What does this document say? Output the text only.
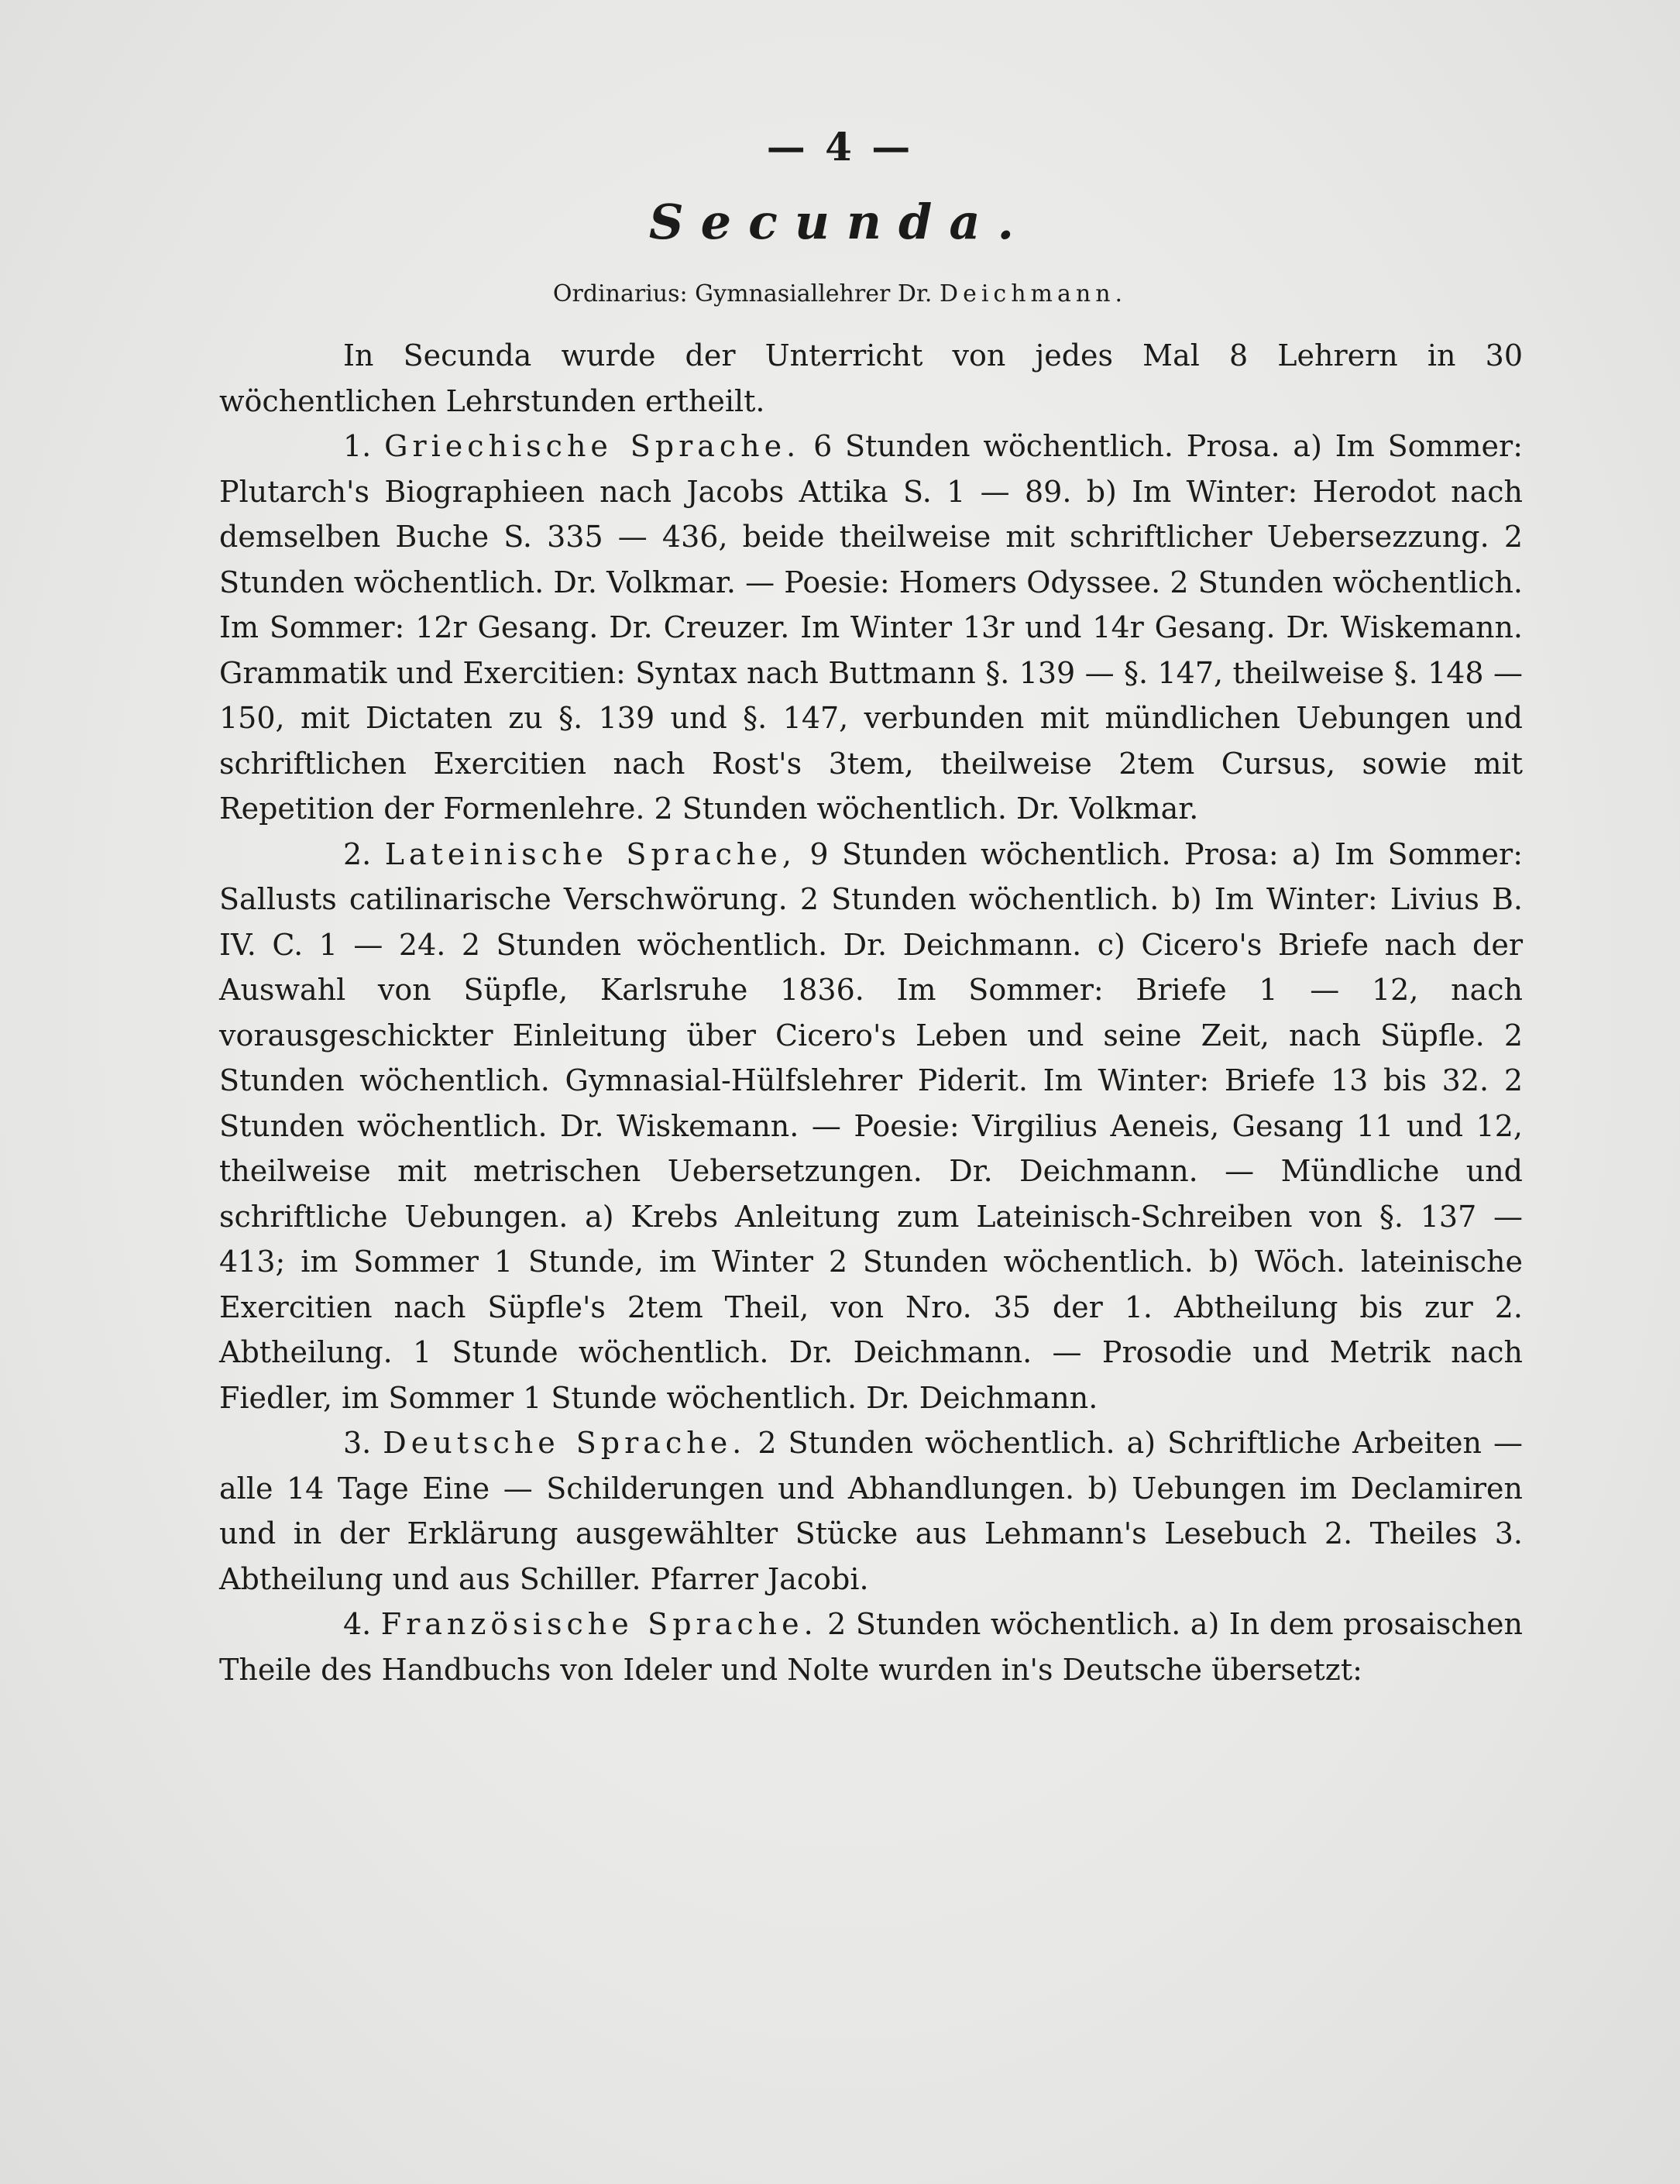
— 4 —
Secunda.
Ordinarius: Gymnasiallehrer Dr. Deichmann.

In Secunda wurde der Unterricht von jedes Mal 8 Lehrern in 30 wöchentlichen Lehrstunden ertheilt.

1. Griechische Sprache. 6 Stunden wöchentlich. Prosa. a) Im Sommer: Plutarch's Biographieen nach Jacobs Attika S. 1 — 89. b) Im Winter: Herodot nach demselben Buche S. 335 — 436, beide theilweise mit schriftlicher Uebersezzung. 2 Stunden wöchentlich. Dr. Volkmar. — Poesie: Homers Odyssee. 2 Stunden wöchentlich. Im Sommer: 12r Gesang. Dr. Creuzer. Im Winter 13r und 14r Gesang. Dr. Wiskemann. Grammatik und Exercitien: Syntax nach Buttmann §. 139 — §. 147, theilweise §. 148 — 150, mit Dictaten zu §. 139 und §. 147, verbunden mit mündlichen Uebungen und schriftlichen Exercitien nach Rost's 3tem, theilweise 2tem Cursus, sowie mit Repetition der Formenlehre. 2 Stunden wöchentlich. Dr. Volkmar.

2. Lateinische Sprache, 9 Stunden wöchentlich. Prosa: a) Im Sommer: Sallusts catilinarische Verschwörung. 2 Stunden wöchentlich. b) Im Winter: Livius B. IV. C. 1 — 24. 2 Stunden wöchentlich. Dr. Deichmann. c) Cicero's Briefe nach der Auswahl von Süpfle, Karlsruhe 1836. Im Sommer: Briefe 1 — 12, nach vorausgeschickter Einleitung über Cicero's Leben und seine Zeit, nach Süpfle. 2 Stunden wöchentlich. Gymnasial-Hülfslehrer Piderit. Im Winter: Briefe 13 bis 32. 2 Stunden wöchentlich. Dr. Wiskemann. — Poesie: Virgilius Aeneis, Gesang 11 und 12, theilweise mit metrischen Uebersetzungen. Dr. Deichmann. — Mündliche und schriftliche Uebungen. a) Krebs Anleitung zum Lateinisch-Schreiben von §. 137 — 413; im Sommer 1 Stunde, im Winter 2 Stunden wöchentlich. b) Wöch. lateinische Exercitien nach Süpfle's 2tem Theil, von Nro. 35 der 1. Abtheilung bis zur 2. Abtheilung. 1 Stunde wöchentlich. Dr. Deichmann. — Prosodie und Metrik nach Fiedler, im Sommer 1 Stunde wöchentlich. Dr. Deichmann.

3. Deutsche Sprache. 2 Stunden wöchentlich. a) Schriftliche Arbeiten — alle 14 Tage Eine — Schilderungen und Abhandlungen. b) Uebungen im Declamiren und in der Erklärung ausgewählter Stücke aus Lehmann's Lesebuch 2. Theiles 3. Abtheilung und aus Schiller. Pfarrer Jacobi.

4. Französische Sprache. 2 Stunden wöchentlich. a) In dem prosaischen Theile des Handbuchs von Ideler und Nolte wurden in's Deutsche übersetzt:
